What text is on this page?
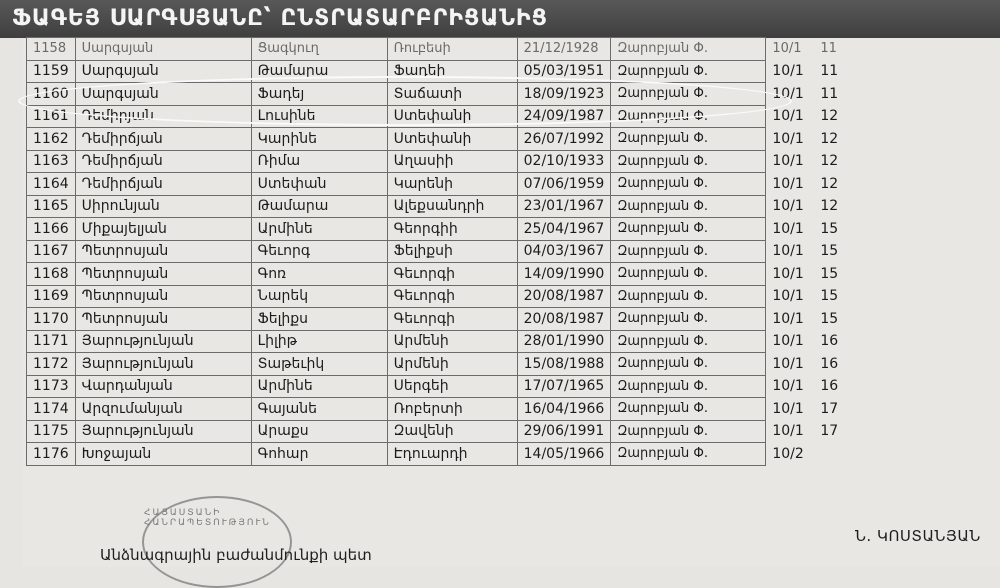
ՖԱԳԵՅ ՍԱՐԳՍՅԱՆԸ՝ ԸՆՏՐԱՏԱՐԲՐԻՑԱՆԻՑ
1158	Սարգսյան	Ցագկուղ	Ռուբեսի	21/12/1928	Զարոբյան Փ.	10/1 11
1159	Սարգսյան	Թամարա	Ֆադեի	05/03/1951	Զարոբյան Փ.	10/1 11
1160	Սարգսյան	Ֆադեյ	Տաճատի	18/09/1923	Զարոբյան Փ.	10/1 11
1161	Դեմիրյան	Լուսինե	Ստեփանի	24/09/1987	Զարոբյան Փ.	10/1 12
1162	Դեմիրճյան	Կարինե	Ստեփանի	26/07/1992	Զարոբյան Փ.	10/1 12
1163	Դեմիրճյան	Ռիմա	Աղասիի	02/10/1933	Զարոբյան Փ.	10/1 12
1164	Դեմիրճյան	Ստեփան	Կարենի	07/06/1959	Զարոբյան Փ.	10/1 12
1165	Սիրունյան	Թամարա	Ալեքսանդրի	23/01/1967	Զարոբյան Փ.	10/1 12
1166	Միքայելյան	Արմինե	Գեորգիի	25/04/1967	Զարոբյան Փ.	10/1 15
1167	Պետրոսյան	Գեւորգ	Ֆելիքսի	04/03/1967	Զարոբյան Փ.	10/1 15
1168	Պետրոսյան	Գոռ	Գեւորգի	14/09/1990	Զարոբյան Փ.	10/1 15
1169	Պետրոսյան	Նարեկ	Գեւորգի	20/08/1987	Զարոբյան Փ.	10/1 15
1170	Պետրոսյան	Ֆելիքս	Գեւորգի	20/08/1987	Զարոբյան Փ.	10/1 15
1171	Յարությունյան	Լիլիթ	Արմենի	28/01/1990	Զարոբյան Փ.	10/1 16
1172	Յարությունյան	Տաթեւիկ	Արմենի	15/08/1988	Զարոբյան Փ.	10/1 16
1173	Վարդանյան	Արմինե	Սերգեի	17/07/1965	Զարոբյան Փ.	10/1 16
1174	Արզումանյան	Գայանե	Ռոբերտի	16/04/1966	Զարոբյան Փ.	10/1 17
1175	Յարությունյան	Արաքս	Զավենի	29/06/1991	Զարոբյան Փ.	10/1 17
1176	Խոջայան	Գոհար	Էդուարդի	14/05/1966	Զարոբյան Փ.	10/2
ՀԱՅԱՍՏԱՆԻ ՀԱՆՐԱՊԵՏՈՒԹՅՈՒՆ
Անձնագրային բաժանմունքի պետ
Ն. ԿՈՍՏԱՆՅԱՆ
